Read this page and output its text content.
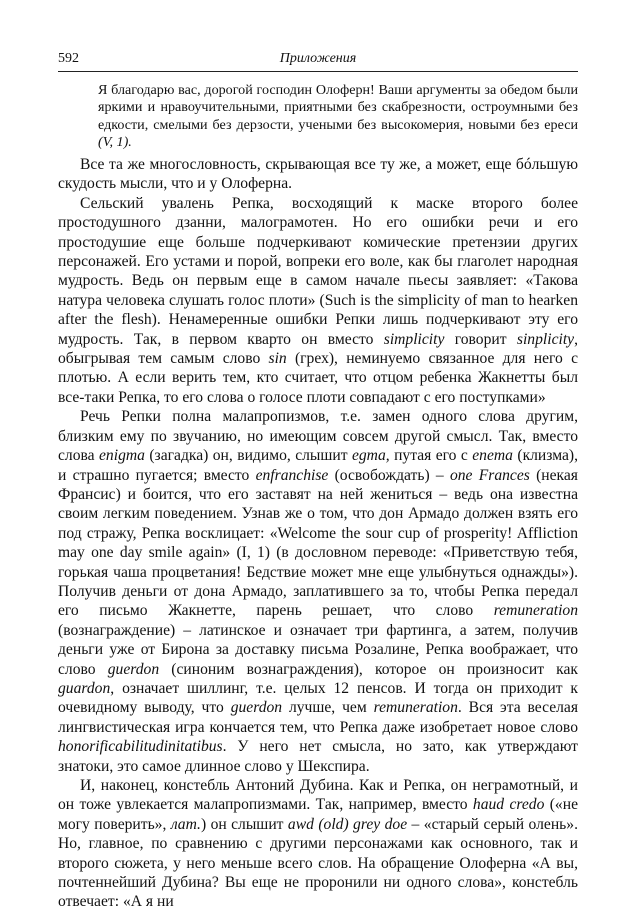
592	Приложения

Я благодарю вас, дорогой господин Олоферн! Ваши аргументы за обедом были яркими и нравоучительными, приятными без скабрезности, остроумными без едкости, смелыми без дерзости, учеными без высокомерия, новыми без ереси (V, 1).

Все та же многословность, скрывающая все ту же, а может, еще бóльшую скудость мысли, что и у Олоферна.

Сельский увалень Репка, восходящий к маске второго более простодушного дзанни, малограмотен. Но его ошибки речи и его простодушие еще больше подчеркивают комические претензии других персонажей. Его устами и порой, вопреки его воле, как бы глаголет народная мудрость. Ведь он первым еще в самом начале пьесы заявляет: «Такова натура человека слушать голос плоти» (Such is the simplicity of man to hearken after the flesh). Ненамеренные ошибки Репки лишь подчеркивают эту его мудрость. Так, в первом кварто он вместо simplicity говорит sinplicity, обыгрывая тем самым слово sin (грех), неминуемо связанное для него с плотью. А если верить тем, кто считает, что отцом ребенка Жакнетты был все-таки Репка, то его слова о голосе плоти совпадают с его поступками»

Речь Репки полна малапропизмов, т.е. замен одного слова другим, близким ему по звучанию, но имеющим совсем другой смысл. Так, вместо слова enigma (загадка) он, видимо, слышит egma, путая его с enema (клизма), и страшно пугается; вместо enfranchise (освобождать) – one Frances (некая Франсис) и боится, что его заставят на ней жениться – ведь она известна своим легким поведением. Узнав же о том, что дон Армадо должен взять его под стражу, Репка восклицает: «Welcome the sour cup of prosperity! Affliction may one day smile again» (I, 1) (в дословном переводе: «Приветствую тебя, горькая чаша процветания! Бедствие может мне еще улыбнуться однажды»). Получив деньги от дона Армадо, заплатившего за то, чтобы Репка передал его письмо Жакнетте, парень решает, что слово remuneration (вознаграждение) – латинское и означает три фартинга, а затем, получив деньги уже от Бирона за доставку письма Розалине, Репка воображает, что слово guerdon (синоним вознаграждения), которое он произносит как guardon, означает шиллинг, т.е. целых 12 пенсов. И тогда он приходит к очевидному выводу, что guerdon лучше, чем remuneration. Вся эта веселая лингвистическая игра кончается тем, что Репка даже изобретает новое слово honorificabilitudinitatibus. У него нет смысла, но зато, как утверждают знатоки, это самое длинное слово у Шекспира.

И, наконец, констебль Антоний Дубина. Как и Репка, он неграмотный, и он тоже увлекается малапропизмами. Так, например, вместо haud credo («не могу поверить», лат.) он слышит awd (old) grey doe – «старый серый олень». Но, главное, по сравнению с другими персонажами как основного, так и второго сюжета, у него меньше всего слов. На обращение Олоферна «А вы, почтеннейший Дубина? Вы еще не проронили ни одного слова», констебль отвечает: «А я ни
